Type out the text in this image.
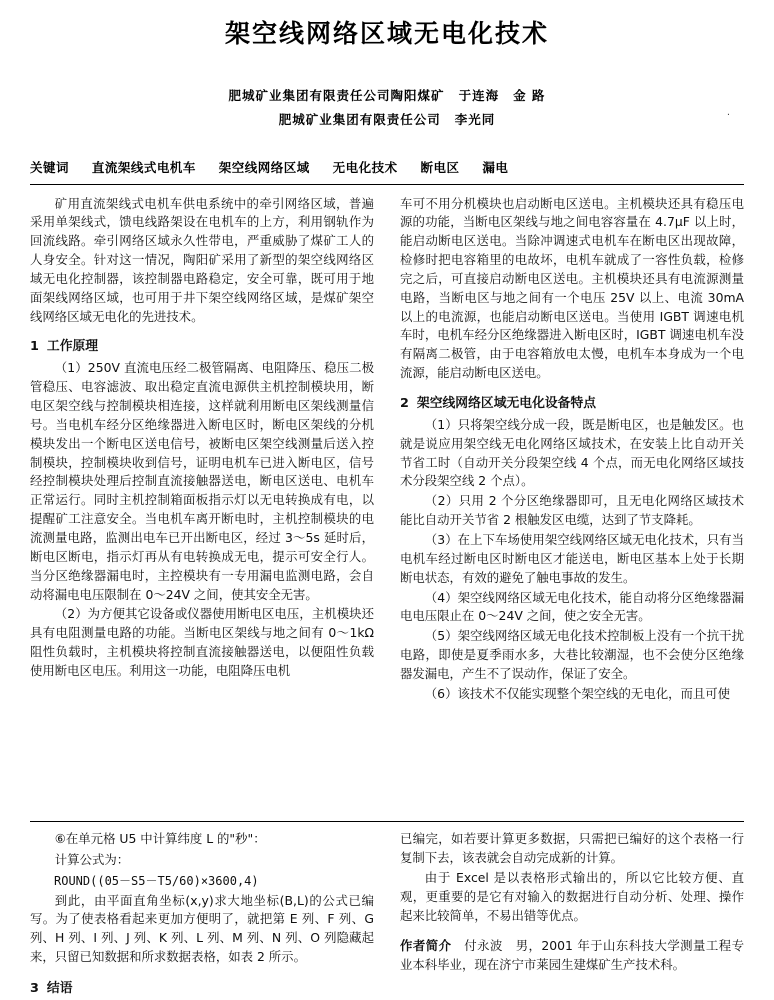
架空线网络区域无电化技术
·
肥城矿业集团有限责任公司陶阳煤矿 于连海 金 路
肥城矿业集团有限责任公司 李光同
关键词 直流架线式电机车 架空线网络区域 无电化技术 断电区 漏电

矿用直流架线式电机车供电系统中的牵引网络区域，普遍采用单架线式，馈电线路架设在电机车的上方，利用钢轨作为回流线路。牵引网络区域永久性带电，严重威胁了煤矿工人的人身安全。针对这一情况，陶阳矿采用了新型的架空线网络区域无电化控制器，该控制器电路稳定，安全可靠，既可用于地面架线网络区域，也可用于井下架空线网络区域，是煤矿架空线网络区域无电化的先进技术。

1 工作原理

（1）250V 直流电压经二极管隔离、电阻降压、稳压二极管稳压、电容滤波、取出稳定直流电源供主机控制模块用，断电区架空线与控制模块相连接，这样就利用断电区架线测量信号。当电机车经分区绝缘器进入断电区时，断电区架线的分机模块发出一个断电区送电信号，被断电区架空线测量后送入控制模块，控制模块收到信号，证明电机车已进入断电区，信号经控制模块处理后控制直流接触器送电，断电区送电、电机车正常运行。同时主机控制箱面板指示灯以无电转换成有电，以提醒矿工注意安全。当电机车离开断电时，主机控制模块的电流测量电路，监测出电车已开出断电区，经过 3～5s 延时后，断电区断电，指示灯再从有电转换成无电，提示可安全行人。当分区绝缘器漏电时，主控模块有一专用漏电监测电路，会自动将漏电电压限制在 0～24V 之间，使其安全无害。

（2）为方便其它设备或仪器使用断电区电压，主机模块还具有电阻测量电路的功能。当断电区架线与地之间有 0～1kΩ阻性负载时，主机模块将控制直流接触器送电，以便阻性负载使用断电区电压。利用这一功能，电阻降压电机

车可不用分机模块也启动断电区送电。主机模块还具有稳压电源的功能，当断电区架线与地之间电容容量在 4.7μF 以上时，能启动断电区送电。当除冲调速式电机车在断电区出现故障，检修时把电容箱里的电故坏，电机车就成了一容性负载，检修完之后，可直接启动断电区送电。主机模块还具有电流源测量电路，当断电区与地之间有一个电压 25V 以上、电流 30mA 以上的电流源，也能启动断电区送电。当使用 IGBT 调速电机车时，电机车经分区绝缘器进入断电区时，IGBT 调速电机车没有隔离二极管，由于电容箱放电太慢，电机车本身成为一个电流源，能启动断电区送电。

2 架空线网络区域无电化设备特点

（1）只将架空线分成一段，既是断电区，也是触发区。也就是说应用架空线无电化网络区域技术，在安装上比自动开关节省工时（自动开关分段架空线 4 个点，而无电化网络区域技术分段架空线 2 个点）。

（2）只用 2 个分区绝缘器即可，且无电化网络区域技术能比自动开关节省 2 根触发区电缆，达到了节支降耗。

（3）在上下车场使用架空线网络区域无电化技术，只有当电机车经过断电区时断电区才能送电，断电区基本上处于长期断电状态，有效的避免了触电事故的发生。

（4）架空线网络区域无电化技术，能自动将分区绝缘器漏电电压限止在 0～24V 之间，使之安全无害。

（5）架空线网络区域无电化技术控制板上没有一个抗干扰电路，即使是夏季雨水多，大巷比较潮湿，也不会使分区绝缘器发漏电，产生不了误动作，保证了安全。

（6）该技术不仅能实现整个架空线的无电化，而且可使

⑥在单元格 U5 中计算纬度 L 的"秒"：

计算公式为：

ROUND((05－S5－T5/60)×3600,4)

到此，由平面直角坐标(x,y)求大地坐标(B,L)的公式已编写。为了使表格看起来更加方便明了，就把第 E 列、F 列、G 列、H 列、I 列、J 列、K 列、L 列、M 列、N 列、O 列隐藏起来，只留已知数据和所求数据表格，如表 2 所示。

3 结语

已编完，如若要计算更多数据，只需把已编好的这个表格一行复制下去，该表就会自动完成新的计算。

由于 Excel 是以表格形式输出的，所以它比较方便、直观，更重要的是它有对输入的数据进行自动分析、处理、操作起来比较简单，不易出错等优点。

作者简介　 付永波　男，2001 年于山东科技大学测量工程专业本科毕业，现在济宁市莱园生建煤矿生产技术科。
